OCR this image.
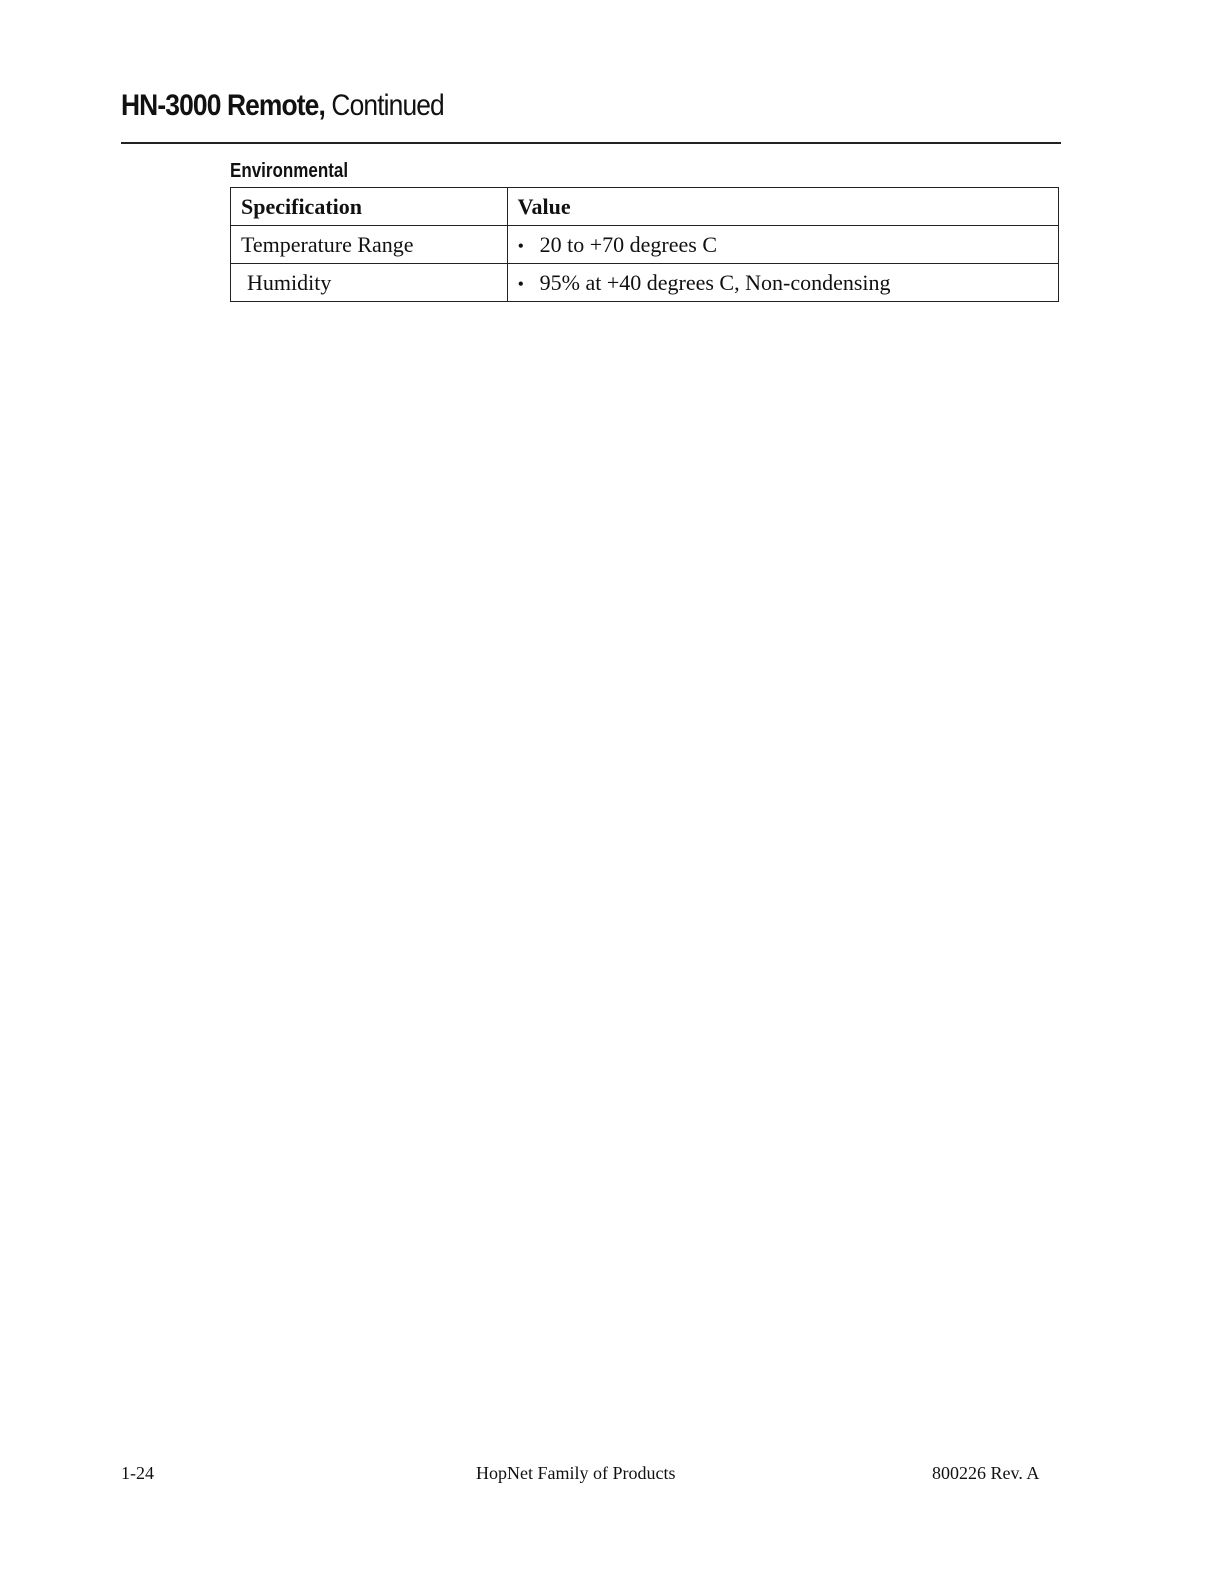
HN-3000 Remote, Continued
Environmental
Specification	Value
Temperature Range	• 20 to +70 degrees C
Humidity	• 95% at +40 degrees C, Non-condensing
1-24	HopNet Family of Products	800226 Rev. A
